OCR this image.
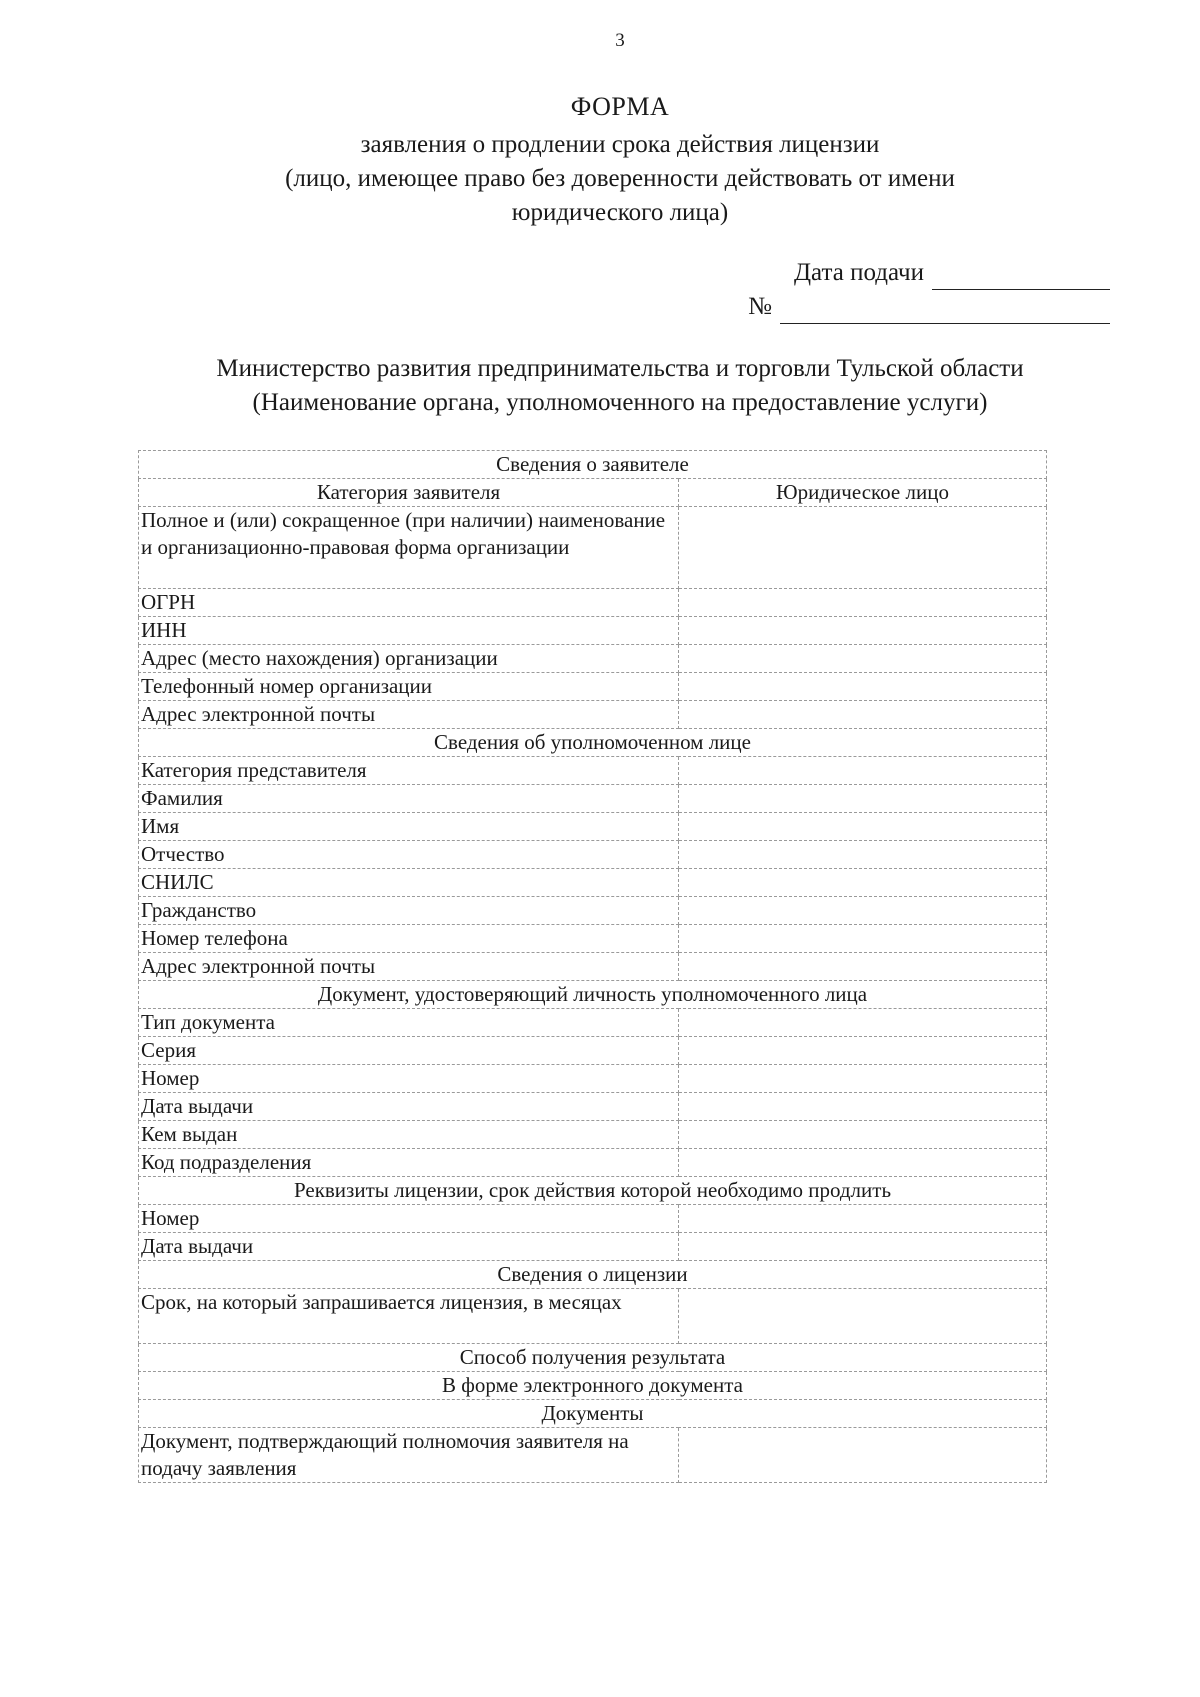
3
ФОРМА
заявления о продлении срока действия лицензии
(лицо, имеющее право без доверенности действовать от имени
юридического лица)
Дата подачи
№
Министерство развития предпринимательства и торговли Тульской области
(Наименование органа, уполномоченного на предоставление услуги)
Сведения о заявителе	
Категория заявителя	Юридическое лицо
Полное и (или) сокращенное (при наличии) наименование и организационно-правовая форма организации	
ОГРН	
ИНН	
Адрес (место нахождения) организации	
Телефонный номер организации	
Адрес электронной почты	
Сведения об уполномоченном лице	
Категория представителя	
Фамилия	
Имя	
Отчество	
СНИЛС	
Гражданство	
Номер телефона	
Адрес электронной почты	
Документ, удостоверяющий личность уполномоченного лица	
Тип документа	
Серия	
Номер	
Дата выдачи	
Кем выдан	
Код подразделения	
Реквизиты лицензии, срок действия которой необходимо продлить	
Номер	
Дата выдачи	
Сведения о лицензии	
Срок, на который запрашивается лицензия, в месяцах	
Способ получения результата	
В форме электронного документа	
Документы	
Документ, подтверждающий полномочия заявителя на подачу заявления	
